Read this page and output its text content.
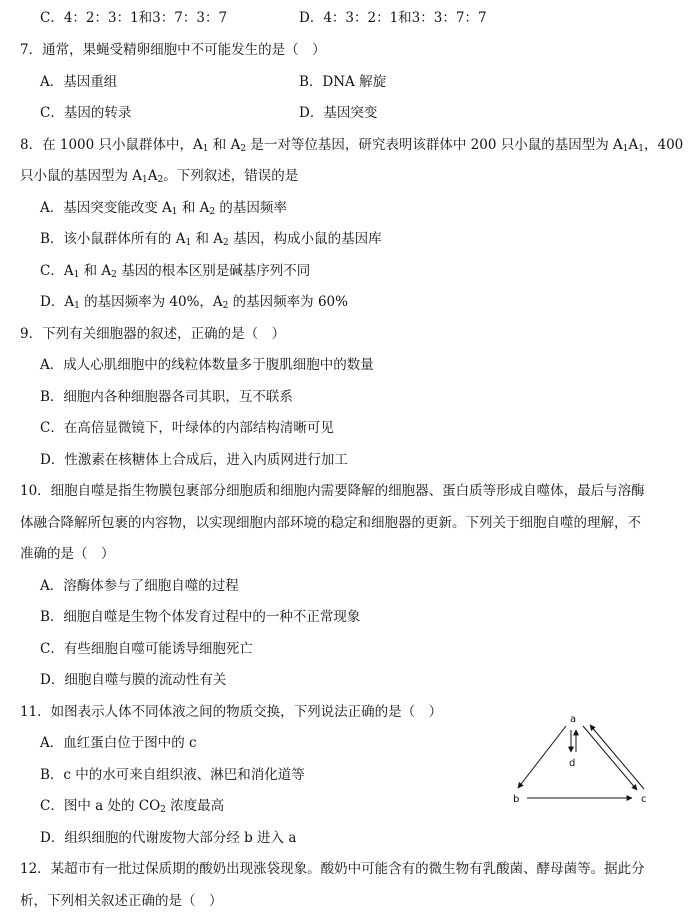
C．4：2：3：1和3：7：3：7	D．4：3：2：1和3：3：7：7
7．通常，果蝇受精卵细胞中不可能发生的是（　）
A．基因重组	B．DNA 解旋
C．基因的转录	D．基因突变
8．在 1000 只小鼠群体中，$A_1$ 和 $A_2$ 是一对等位基因，研究表明该群体中 200 只小鼠的基因型为 $A_1A_1$，400
只小鼠的基因型为 $A_1A_2$。下列叙述，错误的是
A．基因突变能改变 $A_1$ 和 $A_2$ 的基因频率
B．该小鼠群体所有的 $A_1$ 和 $A_2$ 基因，构成小鼠的基因库
C．$A_1$ 和 $A_2$ 基因的根本区别是碱基序列不同
D．$A_1$ 的基因频率为 40%，$A_2$ 的基因频率为 60%
9．下列有关细胞器的叙述，正确的是（　）
A．成人心肌细胞中的线粒体数量多于腹肌细胞中的数量
B．细胞内各种细胞器各司其职，互不联系
C．在高倍显微镜下，叶绿体的内部结构清晰可见
D．性激素在核糖体上合成后，进入内质网进行加工
10．细胞自噬是指生物膜包裹部分细胞质和细胞内需要降解的细胞器、蛋白质等形成自噬体，最后与溶酶
体融合降解所包裹的内容物，以实现细胞内部环境的稳定和细胞器的更新。下列关于细胞自噬的理解，不
准确的是（　）
A．溶酶体参与了细胞自噬的过程
B．细胞自噬是生物个体发育过程中的一种不正常现象
C．有些细胞自噬可能诱导细胞死亡
D．细胞自噬与膜的流动性有关
11．如图表示人体不同体液之间的物质交换，下列说法正确的是（　）
A．血红蛋白位于图中的 c
B．c 中的水可来自组织液、淋巴和消化道等
C．图中 a 处的 $CO_2$ 浓度最高
D．组织细胞的代谢废物大部分经 b 进入 a
a
b	c
d
12．某超市有一批过保质期的酸奶出现涨袋现象。酸奶中可能含有的微生物有乳酸菌、酵母菌等。据此分
析，下列相关叙述正确的是（　）
